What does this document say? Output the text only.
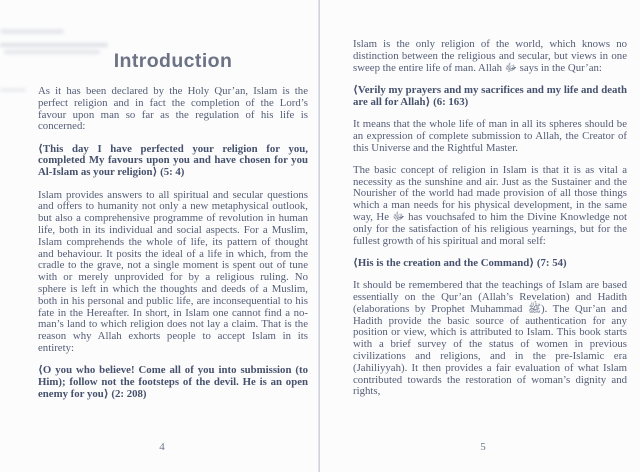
Introduction

As it has been declared by the Holy Qur’an, Islam is the perfect religion and in fact the completion of the Lord’s favour upon man so far as the regulation of his life is concerned:

⟨This day I have perfected your religion for you, completed My favours upon you and have chosen for you Al-Islam as your religion⟩ (5: 4)

Islam provides answers to all spiritual and secular questions and offers to humanity not only a new metaphysical outlook, but also a comprehensive programme of revolution in human life, both in its individual and social aspects. For a Muslim, Islam comprehends the whole of life, its pattern of thought and behaviour. It posits the ideal of a life in which, from the cradle to the grave, not a single moment is spent out of tune with or merely unprovided for by a religious ruling. No sphere is left in which the thoughts and deeds of a Muslim, both in his personal and public life, are inconsequential to his fate in the Hereafter. In short, in Islam one cannot find a no-man’s land to which religion does not lay a claim. That is the reason why Allah exhorts people to accept Islam in its entirety:

⟨O you who believe! Come all of you into submission (to Him); follow not the footsteps of the devil. He is an open enemy for you⟩ (2: 208)

4

Islam is the only religion of the world, which knows no distinction between the religious and secular, but views in one sweep the entire life of man. Allah ﷻ says in the Qur’an:

⟨Verily my prayers and my sacrifices and my life and death are all for Allah⟩ (6: 163)

It means that the whole life of man in all its spheres should be an expression of complete submission to Allah, the Creator of this Universe and the Rightful Master.

The basic concept of religion in Islam is that it is as vital a necessity as the sunshine and air. Just as the Sustainer and the Nourisher of the world had made provision of all those things which a man needs for his physical development, in the same way, He ﷻ has vouchsafed to him the Divine Knowledge not only for the satisfaction of his religious yearnings, but for the fullest growth of his spiritual and moral self:

⟨His is the creation and the Command⟩ (7: 54)

It should be remembered that the teachings of Islam are based essentially on the Qur’an (Allah’s Revelation) and Hadith (elaborations by Prophet Muhammad ﷺ). The Qur’an and Hadith provide the basic source of authentication for any position or view, which is attributed to Islam. This book starts with a brief survey of the status of women in previous civilizations and religions, and in the pre-Islamic era (Jahiliyyah). It then provides a fair evaluation of what Islam contributed towards the restoration of woman’s dignity and rights,

5
